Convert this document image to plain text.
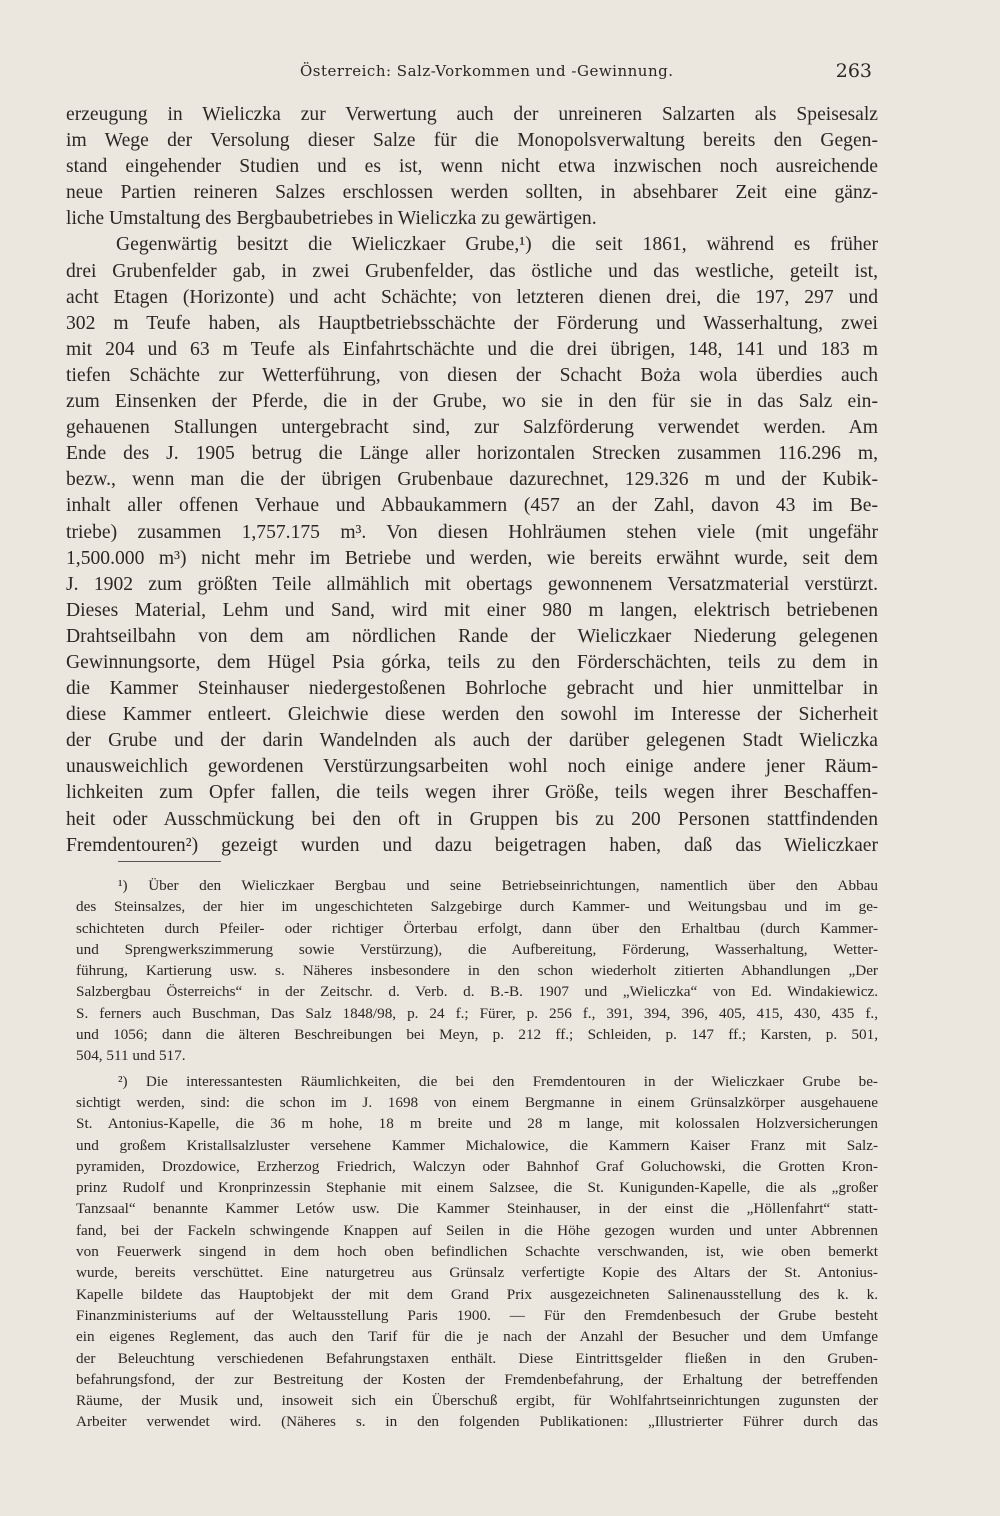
Österreich: Salz-Vorkommen und -Gewinnung.	263
erzeugung in Wieliczka zur Verwertung auch der unreineren Salzarten als Speisesalz
im Wege der Versolung dieser Salze für die Monopolsverwaltung bereits den Gegen-
stand eingehender Studien und es ist, wenn nicht etwa inzwischen noch ausreichende
neue Partien reineren Salzes erschlossen werden sollten, in absehbarer Zeit eine gänz-
liche Umstaltung des Bergbaubetriebes in Wieliczka zu gewärtigen.
Gegenwärtig besitzt die Wieliczkaer Grube,¹) die seit 1861, während es früher
drei Grubenfelder gab, in zwei Grubenfelder, das östliche und das westliche, geteilt ist,
acht Etagen (Horizonte) und acht Schächte; von letzteren dienen drei, die 197, 297 und
302 m Teufe haben, als Hauptbetriebsschächte der Förderung und Wasserhaltung, zwei
mit 204 und 63 m Teufe als Einfahrtschächte und die drei übrigen, 148, 141 und 183 m
tiefen Schächte zur Wetterführung, von diesen der Schacht Boża wola überdies auch
zum Einsenken der Pferde, die in der Grube, wo sie in den für sie in das Salz ein-
gehauenen Stallungen untergebracht sind, zur Salzförderung verwendet werden. Am
Ende des J. 1905 betrug die Länge aller horizontalen Strecken zusammen 116.296 m,
bezw., wenn man die der übrigen Grubenbaue dazurechnet, 129.326 m und der Kubik-
inhalt aller offenen Verhaue und Abbaukammern (457 an der Zahl, davon 43 im Be-
triebe) zusammen 1,757.175 m³. Von diesen Hohlräumen stehen viele (mit ungefähr
1,500.000 m³) nicht mehr im Betriebe und werden, wie bereits erwähnt wurde, seit dem
J. 1902 zum größten Teile allmählich mit obertags gewonnenem Versatzmaterial verstürzt.
Dieses Material, Lehm und Sand, wird mit einer 980 m langen, elektrisch betriebenen
Drahtseilbahn von dem am nördlichen Rande der Wieliczkaer Niederung gelegenen
Gewinnungsorte, dem Hügel Psia górka, teils zu den Förderschächten, teils zu dem in
die Kammer Steinhauser niedergestoßenen Bohrloche gebracht und hier unmittelbar in
diese Kammer entleert. Gleichwie diese werden den sowohl im Interesse der Sicherheit
der Grube und der darin Wandelnden als auch der darüber gelegenen Stadt Wieliczka
unausweichlich gewordenen Verstürzungsarbeiten wohl noch einige andere jener Räum-
lichkeiten zum Opfer fallen, die teils wegen ihrer Größe, teils wegen ihrer Beschaffen-
heit oder Ausschmückung bei den oft in Gruppen bis zu 200 Personen stattfindenden
Fremdentouren²) gezeigt wurden und dazu beigetragen haben, daß das Wieliczkaer
¹) Über den Wieliczkaer Bergbau und seine Betriebseinrichtungen, namentlich über den Abbau
des Steinsalzes, der hier im ungeschichteten Salzgebirge durch Kammer- und Weitungsbau und im ge-
schichteten durch Pfeiler- oder richtiger Örterbau erfolgt, dann über den Erhaltbau (durch Kammer-
und Sprengwerkszimmerung sowie Verstürzung), die Aufbereitung, Förderung, Wasserhaltung, Wetter-
führung, Kartierung usw. s. Näheres insbesondere in den schon wiederholt zitierten Abhandlungen „Der
Salzbergbau Österreichs“ in der Zeitschr. d. Verb. d. B.-B. 1907 und „Wieliczka“ von Ed. Windakiewicz.
S. ferners auch Buschman, Das Salz 1848/98, p. 24 f.; Fürer, p. 256 f., 391, 394, 396, 405, 415, 430, 435 f.,
und 1056; dann die älteren Beschreibungen bei Meyn, p. 212 ff.; Schleiden, p. 147 ff.; Karsten, p. 501,
504, 511 und 517.
²) Die interessantesten Räumlichkeiten, die bei den Fremdentouren in der Wieliczkaer Grube be-
sichtigt werden, sind: die schon im J. 1698 von einem Bergmanne in einem Grünsalzkörper ausgehauene
St. Antonius-Kapelle, die 36 m hohe, 18 m breite und 28 m lange, mit kolossalen Holzversicherungen
und großem Kristallsalzluster versehene Kammer Michalowice, die Kammern Kaiser Franz mit Salz-
pyramiden, Drozdowice, Erzherzog Friedrich, Walczyn oder Bahnhof Graf Goluchowski, die Grotten Kron-
prinz Rudolf und Kronprinzessin Stephanie mit einem Salzsee, die St. Kunigunden-Kapelle, die als „großer
Tanzsaal“ benannte Kammer Letów usw. Die Kammer Steinhauser, in der einst die „Höllenfahrt“ statt-
fand, bei der Fackeln schwingende Knappen auf Seilen in die Höhe gezogen wurden und unter Abbrennen
von Feuerwerk singend in dem hoch oben befindlichen Schachte verschwanden, ist, wie oben bemerkt
wurde, bereits verschüttet. Eine naturgetreu aus Grünsalz verfertigte Kopie des Altars der St. Antonius-
Kapelle bildete das Hauptobjekt der mit dem Grand Prix ausgezeichneten Salinenausstellung des k. k.
Finanzministeriums auf der Weltausstellung Paris 1900. — Für den Fremdenbesuch der Grube besteht
ein eigenes Reglement, das auch den Tarif für die je nach der Anzahl der Besucher und dem Umfange
der Beleuchtung verschiedenen Befahrungstaxen enthält. Diese Eintrittsgelder fließen in den Gruben-
befahrungsfond, der zur Bestreitung der Kosten der Fremdenbefahrung, der Erhaltung der betreffenden
Räume, der Musik und, insoweit sich ein Überschuß ergibt, für Wohlfahrtseinrichtungen zugunsten der
Arbeiter verwendet wird. (Näheres s. in den folgenden Publikationen: „Illustrierter Führer durch das
